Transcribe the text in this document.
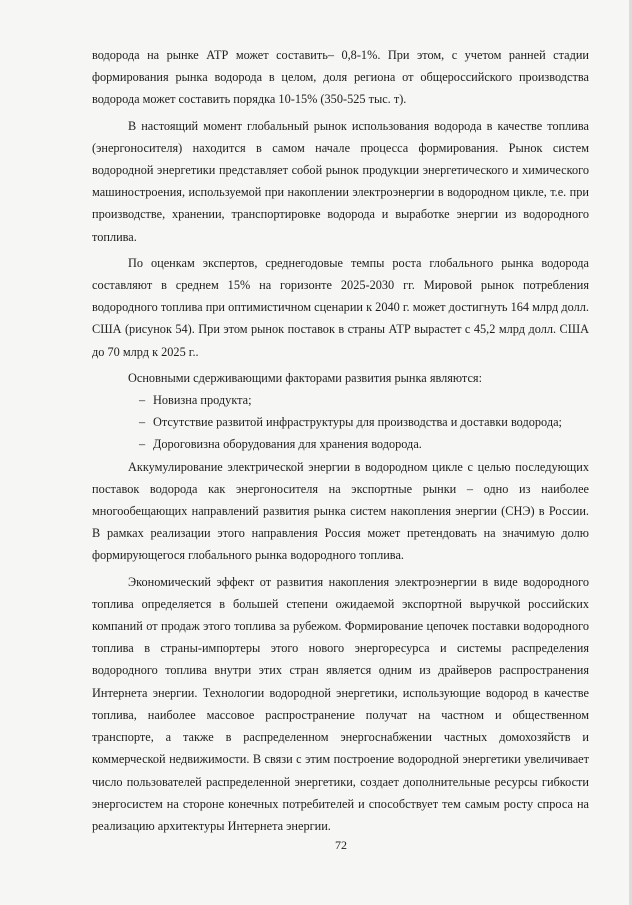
водорода на рынке АТР может составить– 0,8-1%. При этом, с учетом ранней стадии формирования рынка водорода в целом, доля региона от общероссийского производства водорода может составить порядка 10-15% (350-525 тыс. т).

В настоящий момент глобальный рынок использования водорода в качестве топлива (энергоносителя) находится в самом начале процесса формирования. Рынок систем водородной энергетики представляет собой рынок продукции энергетического и химического машиностроения, используемой при накоплении электроэнергии в водородном цикле, т.е. при производстве, хранении, транспортировке водорода и выработке энергии из водородного топлива.

По оценкам экспертов, среднегодовые темпы роста глобального рынка водорода составляют в среднем 15% на горизонте 2025-2030 гг. Мировой рынок потребления водородного топлива при оптимистичном сценарии к 2040 г. может достигнуть 164 млрд долл. США (рисунок 54). При этом рынок поставок в страны АТР вырастет с 45,2 млрд долл. США до 70 млрд к 2025 г..

Основными сдерживающими факторами развития рынка являются:

– Новизна продукта;
– Отсутствие развитой инфраструктуры для производства и доставки водорода;
– Дороговизна оборудования для хранения водорода.

Аккумулирование электрической энергии в водородном цикле с целью последующих поставок водорода как энергоносителя на экспортные рынки – одно из наиболее многообещающих направлений развития рынка систем накопления энергии (СНЭ) в России. В рамках реализации этого направления Россия может претендовать на значимую долю формирующегося глобального рынка водородного топлива.

Экономический эффект от развития накопления электроэнергии в виде водородного топлива определяется в большей степени ожидаемой экспортной выручкой российских компаний от продаж этого топлива за рубежом. Формирование цепочек поставки водородного топлива в страны-импортеры этого нового энергоресурса и системы распределения водородного топлива внутри этих стран является одним из драйверов распространения Интернета энергии. Технологии водородной энергетики, использующие водород в качестве топлива, наиболее массовое распространение получат на частном и общественном транспорте, а также в распределенном энергоснабжении частных домохозяйств и коммерческой недвижимости. В связи с этим построение водородной энергетики увеличивает число пользователей распределенной энергетики, создает дополнительные ресурсы гибкости энергосистем на стороне конечных потребителей и способствует тем самым росту спроса на реализацию архитектуры Интернета энергии.

72
